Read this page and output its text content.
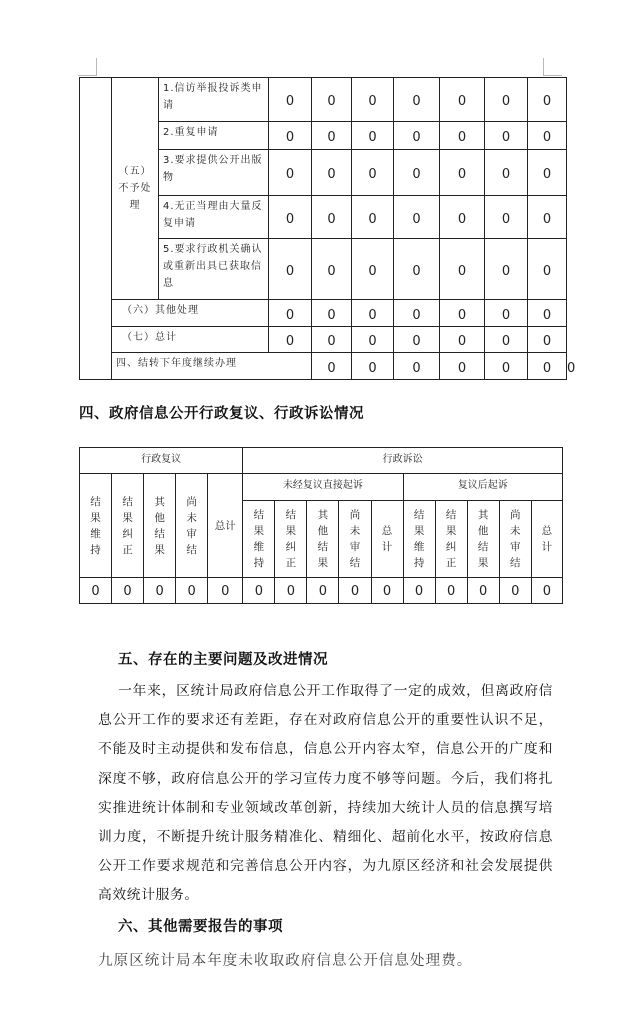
	（五）不予处理	1.信访举报投诉类申请	0	0	0	0	0	0	0	
		2.重复申请	0	0	0	0	0	0	0	
		3.要求提供公开出版物	0	0	0	0	0	0	0	
		4.无正当理由大量反复申请	0	0	0	0	0	0	0	
		5.要求行政机关确认或重新出具已获取信息	0	0	0	0	0	0	0	
	（六）其他处理		0	0	0	0	0	0	0	
	（七）总计		0	0	0	0	0	0	0	
	四、结转下年度继续办理			0	0	0	0	0	0	0
四、政府信息公开行政复议、行政诉讼情况
行政复议					行政诉讼									
结果维持	结果纠正	其他结果	尚未审结	总计	未经复议直接起诉					复议后起诉				
					结果维持	结果纠正	其他结果	尚未审结	总计	结果维持	结果纠正	其他结果	尚未审结	总计
0	0	0	0	0	0	0	0	0	0	0	0	0	0	0
五、存在的主要问题及改进情况
一年来，区统计局政府信息公开工作取得了一定的成效，但离政府信息公开工作的要求还有差距，存在对政府信息公开的重要性认识不足，不能及时主动提供和发布信息，信息公开内容太窄，信息公开的广度和深度不够，政府信息公开的学习宣传力度不够等问题。今后，我们将扎实推进统计体制和专业领域改革创新，持续加大统计人员的信息撰写培训力度，不断提升统计服务精准化、精细化、超前化水平，按政府信息公开工作要求规范和完善信息公开内容，为九原区经济和社会发展提供高效统计服务。
六、其他需要报告的事项
九原区统计局本年度未收取政府信息公开信息处理费。
